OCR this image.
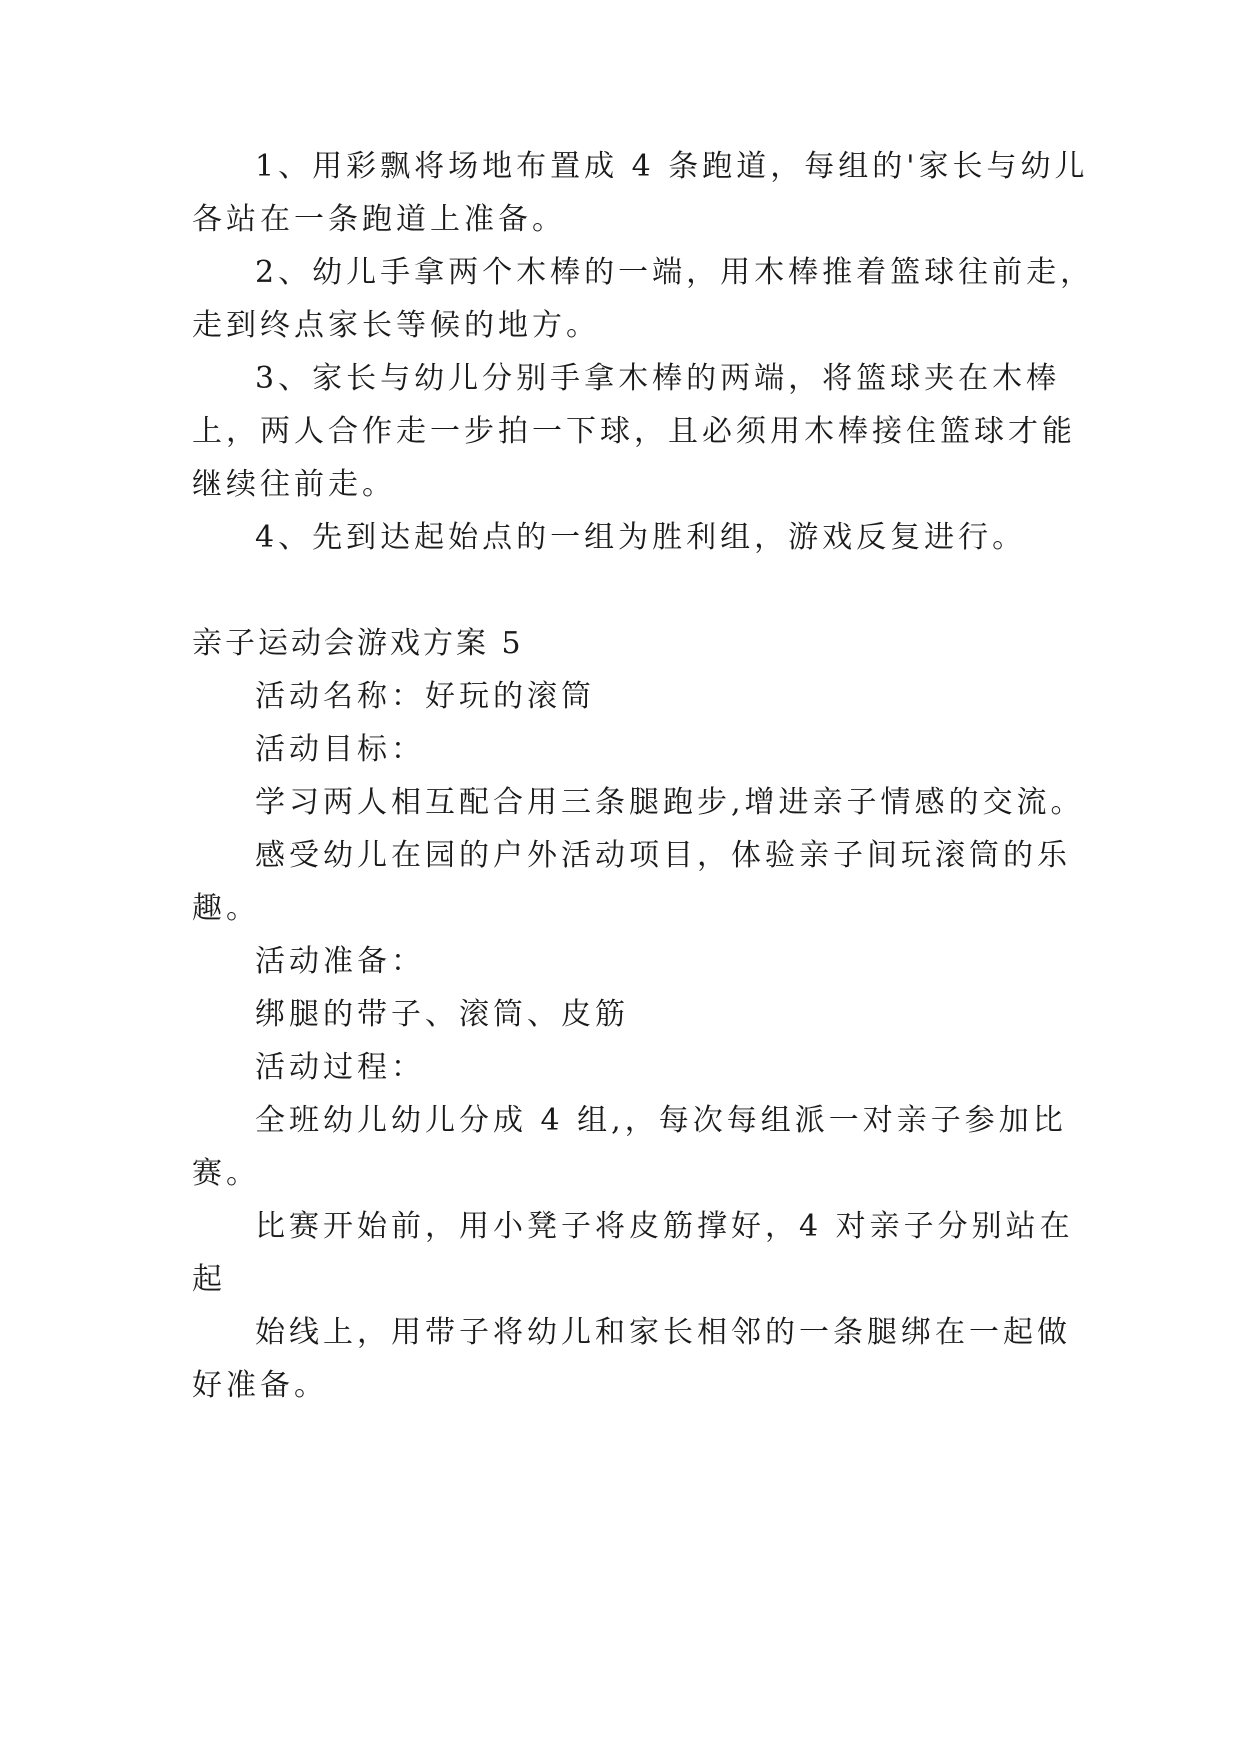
1、用彩飘将场地布置成 4 条跑道，每组的'家长与幼儿
各站在一条跑道上准备。
2、幼儿手拿两个木棒的一端，用木棒推着篮球往前走，
走到终点家长等候的地方。
3、家长与幼儿分别手拿木棒的两端，将篮球夹在木棒
上，两人合作走一步拍一下球，且必须用木棒接住篮球才能
继续往前走。
4、先到达起始点的一组为胜利组，游戏反复进行。
亲子运动会游戏方案 5
活动名称：好玩的滚筒
活动目标：
学习两人相互配合用三条腿跑步,增进亲子情感的交流。
感受幼儿在园的户外活动项目，体验亲子间玩滚筒的乐
趣。
活动准备：
绑腿的带子、滚筒、皮筋
活动过程：
全班幼儿幼儿分成 4 组,，每次每组派一对亲子参加比
赛。
比赛开始前，用小凳子将皮筋撑好，4 对亲子分别站在
起
始线上，用带子将幼儿和家长相邻的一条腿绑在一起做
好准备。
